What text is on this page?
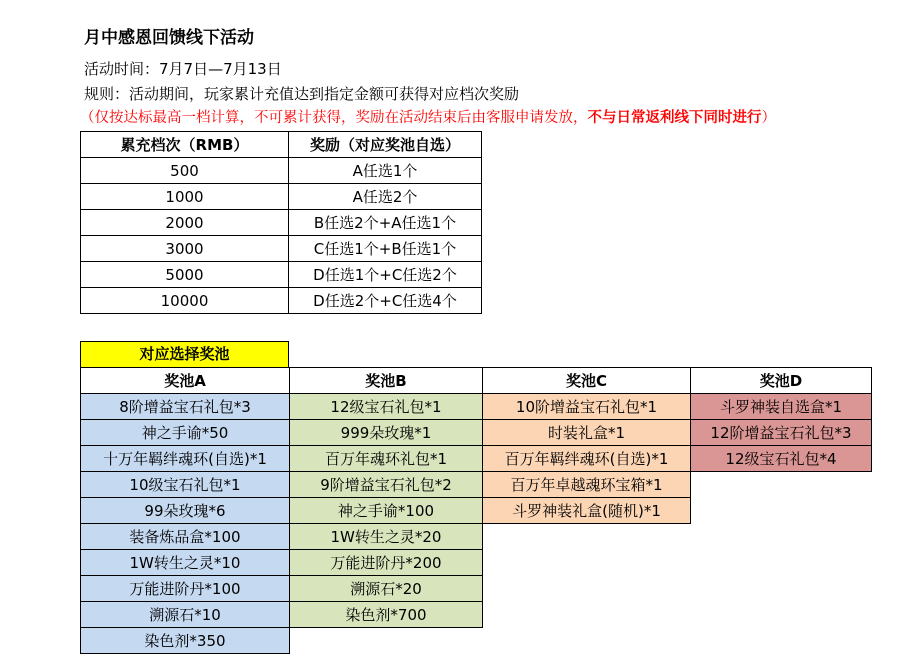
月中感恩回馈线下活动
活动时间：7月7日—7月13日
规则：活动期间，玩家累计充值达到指定金额可获得对应档次奖励
（仅按达标最高一档计算，不可累计获得，奖励在活动结束后由客服申请发放，不与日常返利线下同时进行）
累充档次（RMB）	奖励（对应奖池自选）
500	A任选1个
1000	A任选2个
2000	B任选2个+A任选1个
3000	C任选1个+B任选1个
5000	D任选1个+C任选2个
10000	D任选2个+C任选4个
对应选择奖池
奖池A	奖池B	奖池C	奖池D
8阶增益宝石礼包*3	12级宝石礼包*1	10阶增益宝石礼包*1	斗罗神装自选盒*1
神之手谕*50	999朵玫瑰*1	时装礼盒*1	12阶增益宝石礼包*3
十万年羁绊魂环(自选)*1	百万年魂环礼包*1	百万年羁绊魂环(自选)*1	12级宝石礼包*4
10级宝石礼包*1	9阶增益宝石礼包*2	百万年卓越魂环宝箱*1	
99朵玫瑰*6	神之手谕*100	斗罗神装礼盒(随机)*1	
装备炼品盒*100	1W转生之灵*20		
1W转生之灵*10	万能进阶丹*200		
万能进阶丹*100	溯源石*20		
溯源石*10	染色剂*700		
染色剂*350			
